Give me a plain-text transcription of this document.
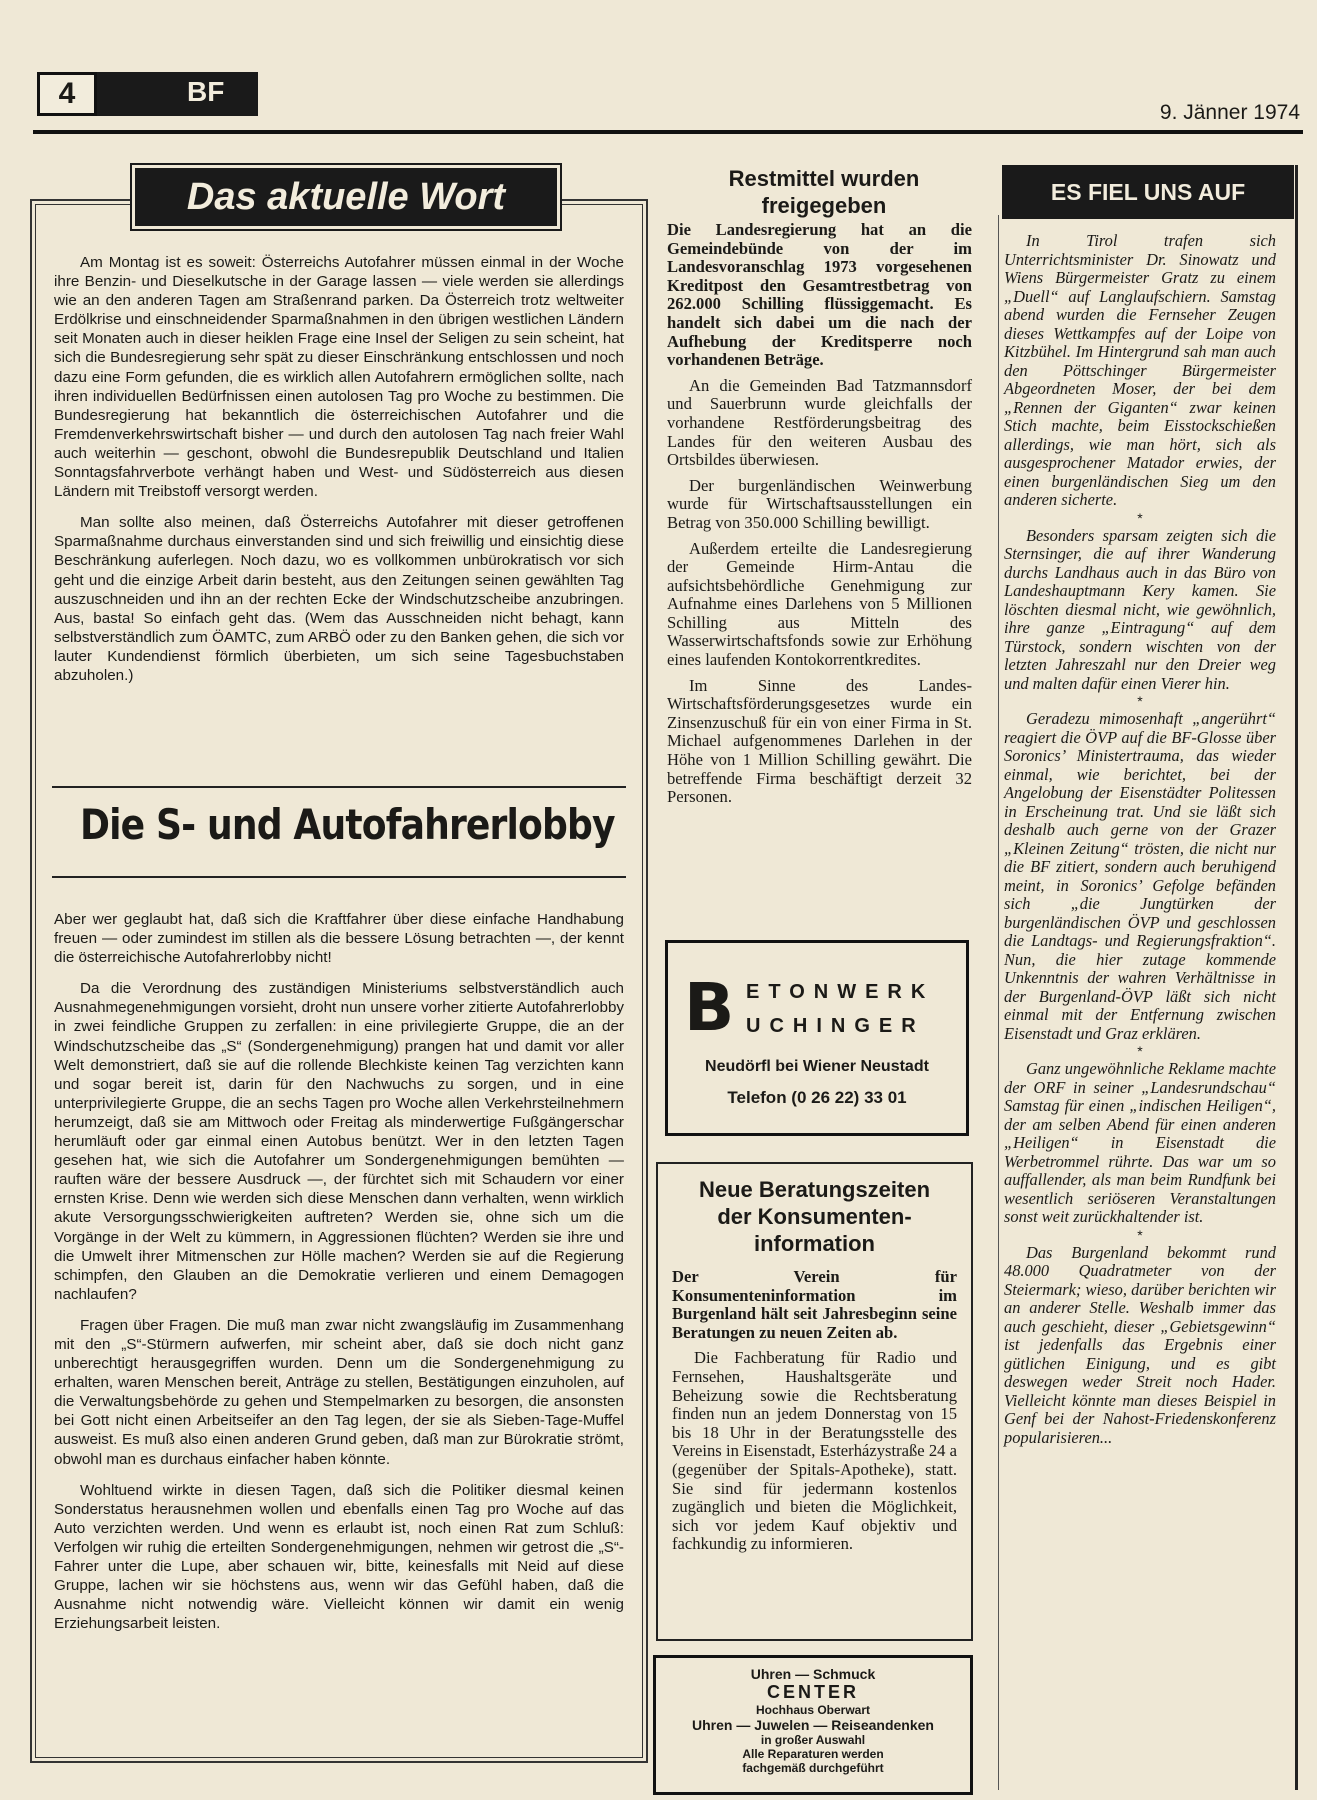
4	BF
9. Jänner 1974
Das aktuelle Wort

Am Montag ist es soweit: Österreichs Autofahrer müssen einmal in der Woche ihre Benzin- und Dieselkutsche in der Garage lassen — viele werden sie allerdings wie an den anderen Tagen am Straßenrand parken. Da Österreich trotz weltweiter Erdölkrise und einschneidender Sparmaßnahmen in den übrigen westlichen Ländern seit Monaten auch in dieser heiklen Frage eine Insel der Seligen zu sein scheint, hat sich die Bundesregierung sehr spät zu dieser Einschränkung entschlossen und noch dazu eine Form gefunden, die es wirklich allen Autofahrern ermöglichen sollte, nach ihren individuellen Bedürfnissen einen autolosen Tag pro Woche zu bestimmen. Die Bundesregierung hat bekanntlich die österreichischen Autofahrer und die Fremdenverkehrswirtschaft bisher — und durch den autolosen Tag nach freier Wahl auch weiterhin — geschont, obwohl die Bundesrepublik Deutschland und Italien Sonntagsfahrverbote verhängt haben und West- und Südösterreich aus diesen Ländern mit Treibstoff versorgt werden.

Man sollte also meinen, daß Österreichs Autofahrer mit dieser getroffenen Sparmaßnahme durchaus einverstanden sind und sich freiwillig und einsichtig diese Beschränkung auferlegen. Noch dazu, wo es vollkommen unbürokratisch vor sich geht und die einzige Arbeit darin besteht, aus den Zeitungen seinen gewählten Tag auszuschneiden und ihn an der rechten Ecke der Windschutzscheibe anzubringen. Aus, basta! So einfach geht das. (Wem das Ausschneiden nicht behagt, kann selbstverständlich zum ÖAMTC, zum ARBÖ oder zu den Banken gehen, die sich vor lauter Kundendienst förmlich überbieten, um sich seine Tagesbuchstaben abzuholen.)

Die S- und Autofahrerlobby

Aber wer geglaubt hat, daß sich die Kraftfahrer über diese einfache Handhabung freuen — oder zumindest im stillen als die bessere Lösung betrachten —, der kennt die österreichische Autofahrerlobby nicht!

Da die Verordnung des zuständigen Ministeriums selbstverständlich auch Ausnahmegenehmigungen vorsieht, droht nun unsere vorher zitierte Autofahrerlobby in zwei feindliche Gruppen zu zerfallen: in eine privilegierte Gruppe, die an der Windschutzscheibe das „S“ (Sondergenehmigung) prangen hat und damit vor aller Welt demonstriert, daß sie auf die rollende Blechkiste keinen Tag verzichten kann und sogar bereit ist, darin für den Nachwuchs zu sorgen, und in eine unterprivilegierte Gruppe, die an sechs Tagen pro Woche allen Verkehrsteilnehmern herumzeigt, daß sie am Mittwoch oder Freitag als minderwertige Fußgängerschar herumläuft oder gar einmal einen Autobus benützt. Wer in den letzten Tagen gesehen hat, wie sich die Autofahrer um Sondergenehmigungen bemühten — rauften wäre der bessere Ausdruck —, der fürchtet sich mit Schaudern vor einer ernsten Krise. Denn wie werden sich diese Menschen dann verhalten, wenn wirklich akute Versorgungsschwierigkeiten auftreten? Werden sie, ohne sich um die Vorgänge in der Welt zu kümmern, in Aggressionen flüchten? Werden sie ihre und die Umwelt ihrer Mitmenschen zur Hölle machen? Werden sie auf die Regierung schimpfen, den Glauben an die Demokratie verlieren und einem Demagogen nachlaufen?

Fragen über Fragen. Die muß man zwar nicht zwangsläufig im Zusammenhang mit den „S“-Stürmern aufwerfen, mir scheint aber, daß sie doch nicht ganz unberechtigt herausgegriffen wurden. Denn um die Sondergenehmigung zu erhalten, waren Menschen bereit, Anträge zu stellen, Bestätigungen einzuholen, auf die Verwaltungsbehörde zu gehen und Stempelmarken zu besorgen, die ansonsten bei Gott nicht einen Arbeitseifer an den Tag legen, der sie als Sieben-Tage-Muffel ausweist. Es muß also einen anderen Grund geben, daß man zur Bürokratie strömt, obwohl man es durchaus einfacher haben könnte.

Wohltuend wirkte in diesen Tagen, daß sich die Politiker diesmal keinen Sonderstatus herausnehmen wollen und ebenfalls einen Tag pro Woche auf das Auto verzichten werden. Und wenn es erlaubt ist, noch einen Rat zum Schluß: Verfolgen wir ruhig die erteilten Sondergenehmigungen, nehmen wir getrost die „S“-Fahrer unter die Lupe, aber schauen wir, bitte, keinesfalls mit Neid auf diese Gruppe, lachen wir sie höchstens aus, wenn wir das Gefühl haben, daß die Ausnahme nicht notwendig wäre. Vielleicht können wir damit ein wenig Erziehungsarbeit leisten.

Restmittel wurden
freigegeben

Die Landesregierung hat an die Gemeindebünde von der im Landesvoranschlag 1973 vorgesehenen Kreditpost den Gesamtrestbetrag von 262.000 Schilling flüssiggemacht. Es handelt sich dabei um die nach der Aufhebung der Kreditsperre noch vorhandenen Beträge.

An die Gemeinden Bad Tatzmannsdorf und Sauerbrunn wurde gleichfalls der vorhandene Restförderungsbeitrag des Landes für den weiteren Ausbau des Ortsbildes überwiesen.

Der burgenländischen Weinwerbung wurde für Wirtschaftsausstellungen ein Betrag von 350.000 Schilling bewilligt.

Außerdem erteilte die Landesregierung der Gemeinde Hirm-Antau die aufsichtsbehördliche Genehmigung zur Aufnahme eines Darlehens von 5 Millionen Schilling aus Mitteln des Wasserwirtschaftsfonds sowie zur Erhöhung eines laufenden Kontokorrentkredites.

Im Sinne des Landes-Wirtschaftsförderungsgesetzes wurde ein Zinsenzuschuß für ein von einer Firma in St. Michael aufgenommenes Darlehen in der Höhe von 1 Million Schilling gewährt. Die betreffende Firma beschäftigt derzeit 32 Personen.

B ETONWERK
UCHINGER
Neudörfl bei Wiener Neustadt
Telefon (0 26 22) 33 01
Neue Beratungszeiten
der Konsumenten-
information

Der Verein für Konsumenteninformation im Burgenland hält seit Jahresbeginn seine Beratungen zu neuen Zeiten ab.

Die Fachberatung für Radio und Fernsehen, Haushaltsgeräte und Beheizung sowie die Rechtsberatung finden nun an jedem Donnerstag von 15 bis 18 Uhr in der Beratungsstelle des Vereins in Eisenstadt, Esterházystraße 24 a (gegenüber der Spitals-Apotheke), statt. Sie sind für jedermann kostenlos zugänglich und bieten die Möglichkeit, sich vor jedem Kauf objektiv und fachkundig zu informieren.

Uhren — Schmuck
CENTER
Hochhaus Oberwart
Uhren — Juwelen — Reiseandenken
in großer Auswahl
Alle Reparaturen werden
fachgemäß durchgeführt
ES FIEL UNS AUF

In Tirol trafen sich Unterrichtsminister Dr. Sinowatz und Wiens Bürgermeister Gratz zu einem „Duell“ auf Langlaufschiern. Samstag abend wurden die Fernseher Zeugen dieses Wettkampfes auf der Loipe von Kitzbühel. Im Hintergrund sah man auch den Pöttschinger Bürgermeister Abgeordneten Moser, der bei dem „Rennen der Giganten“ zwar keinen Stich machte, beim Eisstockschießen allerdings, wie man hört, sich als ausgesprochener Matador erwies, der einen burgenländischen Sieg um den anderen sicherte.

*

Besonders sparsam zeigten sich die Sternsinger, die auf ihrer Wanderung durchs Landhaus auch in das Büro von Landeshauptmann Kery kamen. Sie löschten diesmal nicht, wie gewöhnlich, ihre ganze „Eintragung“ auf dem Türstock, sondern wischten von der letzten Jahreszahl nur den Dreier weg und malten dafür einen Vierer hin.

*

Geradezu mimosenhaft „angerührt“ reagiert die ÖVP auf die BF-Glosse über Soronics’ Ministertrauma, das wieder einmal, wie berichtet, bei der Angelobung der Eisenstädter Politessen in Erscheinung trat. Und sie läßt sich deshalb auch gerne von der Grazer „Kleinen Zeitung“ trösten, die nicht nur die BF zitiert, sondern auch beruhigend meint, in Soronics’ Gefolge befänden sich „die Jungtürken der burgenländischen ÖVP und geschlossen die Landtags- und Regierungsfraktion“. Nun, die hier zutage kommende Unkenntnis der wahren Verhältnisse in der Burgenland-ÖVP läßt sich nicht einmal mit der Entfernung zwischen Eisenstadt und Graz erklären.

*

Ganz ungewöhnliche Reklame machte der ORF in seiner „Landesrundschau“ Samstag für einen „indischen Heiligen“, der am selben Abend für einen anderen „Heiligen“ in Eisenstadt die Werbetrommel rührte. Das war um so auffallender, als man beim Rundfunk bei wesentlich seriöseren Veranstaltungen sonst weit zurückhaltender ist.

*

Das Burgenland bekommt rund 48.000 Quadratmeter von der Steiermark; wieso, darüber berichten wir an anderer Stelle. Weshalb immer das auch geschieht, dieser „Gebietsgewinn“ ist jedenfalls das Ergebnis einer gütlichen Einigung, und es gibt deswegen weder Streit noch Hader. Vielleicht könnte man dieses Beispiel in Genf bei der Nahost-Friedenskonferenz popularisieren...
